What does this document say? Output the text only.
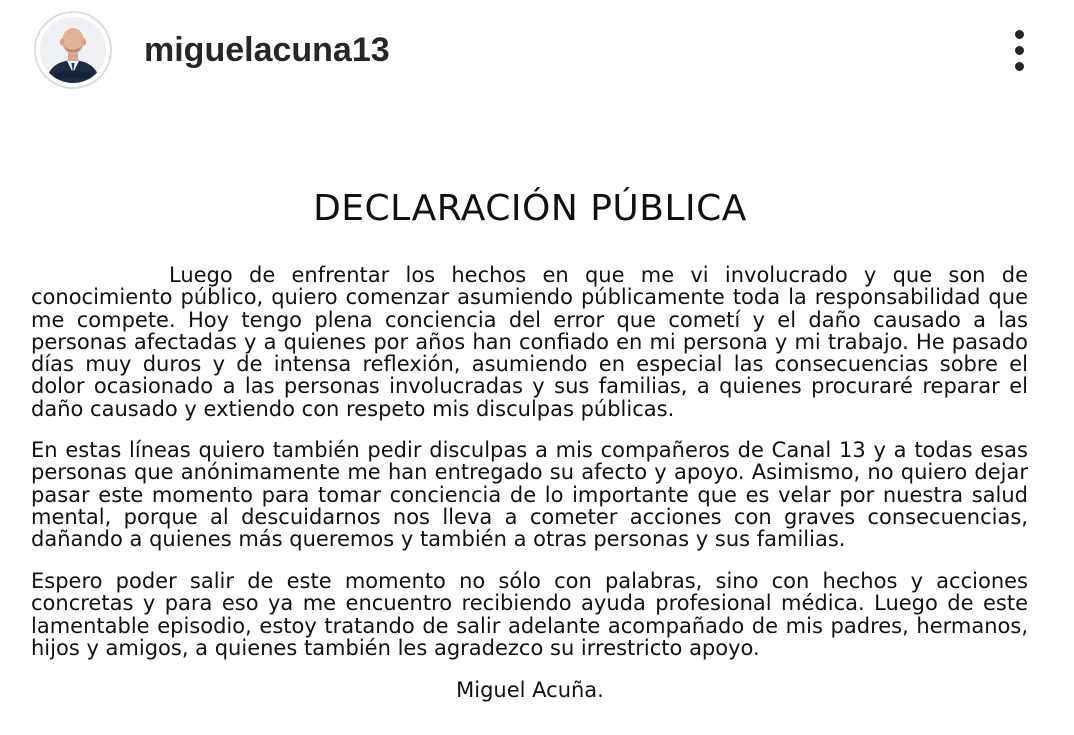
miguelacuna13
DECLARACIÓN PÚBLICA

Luego de enfrentar los hechos en que me vi involucrado y que son de conocimiento público, quiero comenzar asumiendo públicamente toda la responsabilidad que me compete. Hoy tengo plena conciencia del error que cometí y el daño causado a las personas afectadas y a quienes por años han confiado en mi persona y mi trabajo. He pasado días muy duros y de intensa reflexión, asumiendo en especial las consecuencias sobre el dolor ocasionado a las personas involucradas y sus familias, a quienes procuraré reparar el daño causado y extiendo con respeto mis disculpas públicas.

En estas líneas quiero también pedir disculpas a mis compañeros de Canal 13 y a todas esas personas que anónimamente me han entregado su afecto y apoyo. Asimismo, no quiero dejar pasar este momento para tomar conciencia de lo importante que es velar por nuestra salud mental, porque al descuidarnos nos lleva a cometer acciones con graves consecuencias, dañando a quienes más queremos y también a otras personas y sus familias.

Espero poder salir de este momento no sólo con palabras, sino con hechos y acciones concretas y para eso ya me encuentro recibiendo ayuda profesional médica. Luego de este lamentable episodio, estoy tratando de salir adelante acompañado de mis padres, hermanos, hijos y amigos, a quienes también les agradezco su irrestricto apoyo.

Miguel Acuña.
